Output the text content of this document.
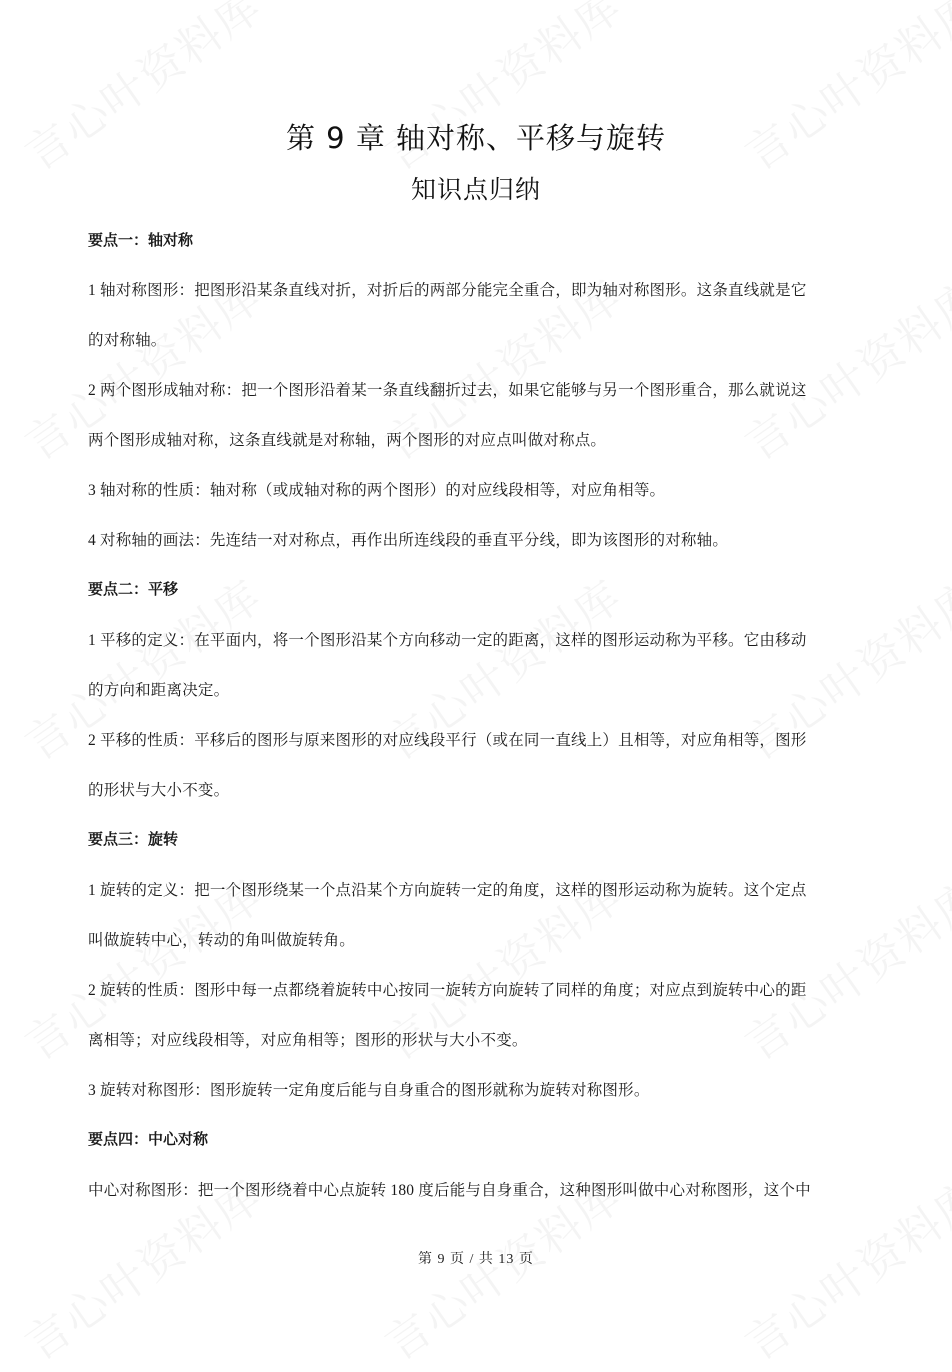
第 9 章 轴对称、平移与旋转
知识点归纳
要点一：轴对称
1 轴对称图形：把图形沿某条直线对折，对折后的两部分能完全重合，即为轴对称图形。这条直线就是它
的对称轴。
2 两个图形成轴对称：把一个图形沿着某一条直线翻折过去，如果它能够与另一个图形重合，那么就说这
两个图形成轴对称，这条直线就是对称轴，两个图形的对应点叫做对称点。
3 轴对称的性质：轴对称（或成轴对称的两个图形）的对应线段相等，对应角相等。
4 对称轴的画法：先连结一对对称点，再作出所连线段的垂直平分线，即为该图形的对称轴。
要点二：平移
1 平移的定义：在平面内，将一个图形沿某个方向移动一定的距离，这样的图形运动称为平移。它由移动
的方向和距离决定。
2 平移的性质：平移后的图形与原来图形的对应线段平行（或在同一直线上）且相等，对应角相等，图形
的形状与大小不变。
要点三：旋转
1 旋转的定义：把一个图形绕某一个点沿某个方向旋转一定的角度，这样的图形运动称为旋转。这个定点
叫做旋转中心，转动的角叫做旋转角。
2 旋转的性质：图形中每一点都绕着旋转中心按同一旋转方向旋转了同样的角度；对应点到旋转中心的距
离相等；对应线段相等，对应角相等；图形的形状与大小不变。
3 旋转对称图形：图形旋转一定角度后能与自身重合的图形就称为旋转对称图形。
要点四：中心对称
中心对称图形：把一个图形绕着中心点旋转 180 度后能与自身重合，这种图形叫做中心对称图形，这个中
第 9 页 / 共 13 页
